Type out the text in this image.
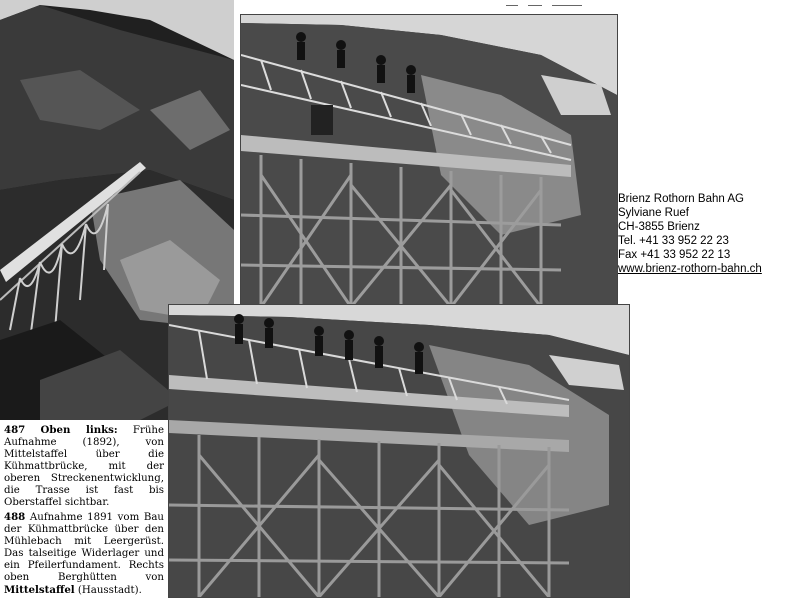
487 Oben links: Frühe Aufnahme (1892), von Mittelstaffel über die Kühmattbrücke, mit der oberen Streckenentwicklung, die Trasse ist fast bis Oberstaffel sichtbar.

488 Aufnahme 1891 vom Bau der Kühmattbrücke über den Mühlebach mit Leergerüst. Das talseitige Widerlager und ein Pfeilerfundament. Rechts oben Berghütten von Mittelstaffel (Hausstadt).

Brienz Rothorn Bahn AG
Sylviane Ruef
CH-3855 Brienz
Tel. +41 33 952 22 23
Fax +41 33 952 22 13
www.brienz-rothorn-bahn.ch
